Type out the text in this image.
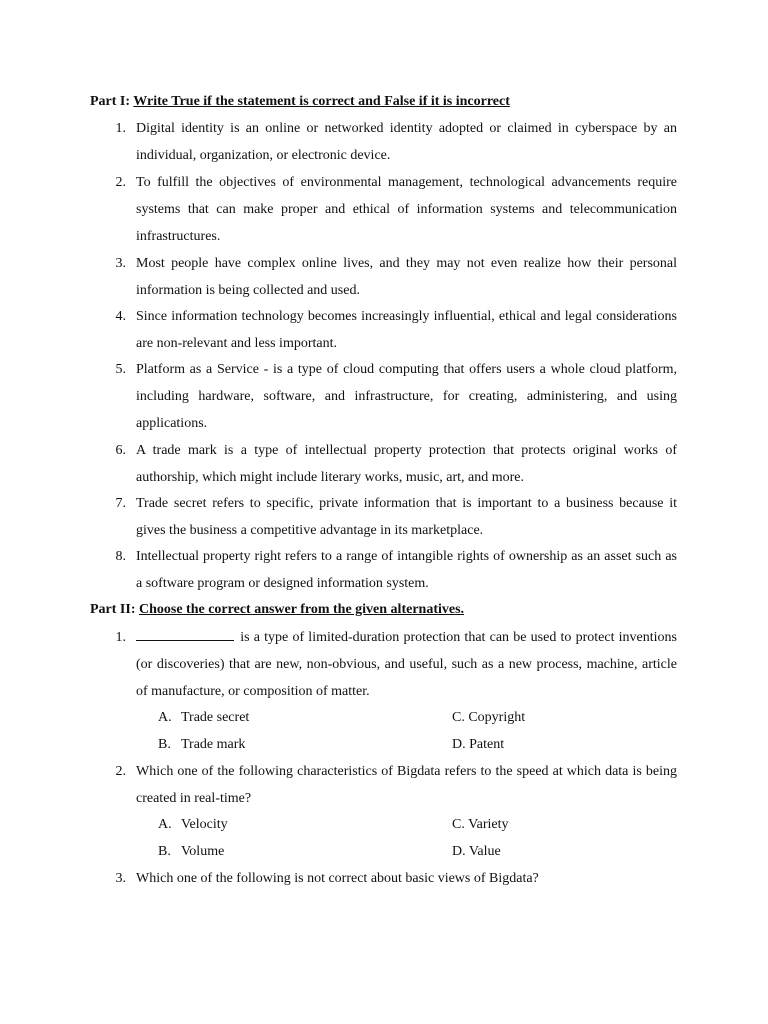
Part I: Write True if the statement is correct and False if it is incorrect
1. Digital identity is an online or networked identity adopted or claimed in cyberspace by an individual, organization, or electronic device.
2. To fulfill the objectives of environmental management, technological advancements require systems that can make proper and ethical of information systems and telecommunication infrastructures.
3. Most people have complex online lives, and they may not even realize how their personal information is being collected and used.
4. Since information technology becomes increasingly influential, ethical and legal considerations are non-relevant and less important.
5. Platform as a Service - is a type of cloud computing that offers users a whole cloud platform, including hardware, software, and infrastructure, for creating, administering, and using applications.
6. A trade mark is a type of intellectual property protection that protects original works of authorship, which might include literary works, music, art, and more.
7. Trade secret refers to specific, private information that is important to a business because it gives the business a competitive advantage in its marketplace.
8. Intellectual property right refers to a range of intangible rights of ownership as an asset such as a software program or designed information system.
Part II: Choose the correct answer from the given alternatives.
1.	is a type of limited-duration protection that can be used to protect inventions (or discoveries) that are new, non-obvious, and useful, such as a new process, machine, article of manufacture, or composition of matter.
A. Trade secret	C. Copyright
B. Trade mark	D. Patent
2. Which one of the following characteristics of Bigdata refers to the speed at which data is being created in real-time?
A. Velocity	C. Variety
B. Volume	D. Value
3. Which one of the following is not correct about basic views of Bigdata?
